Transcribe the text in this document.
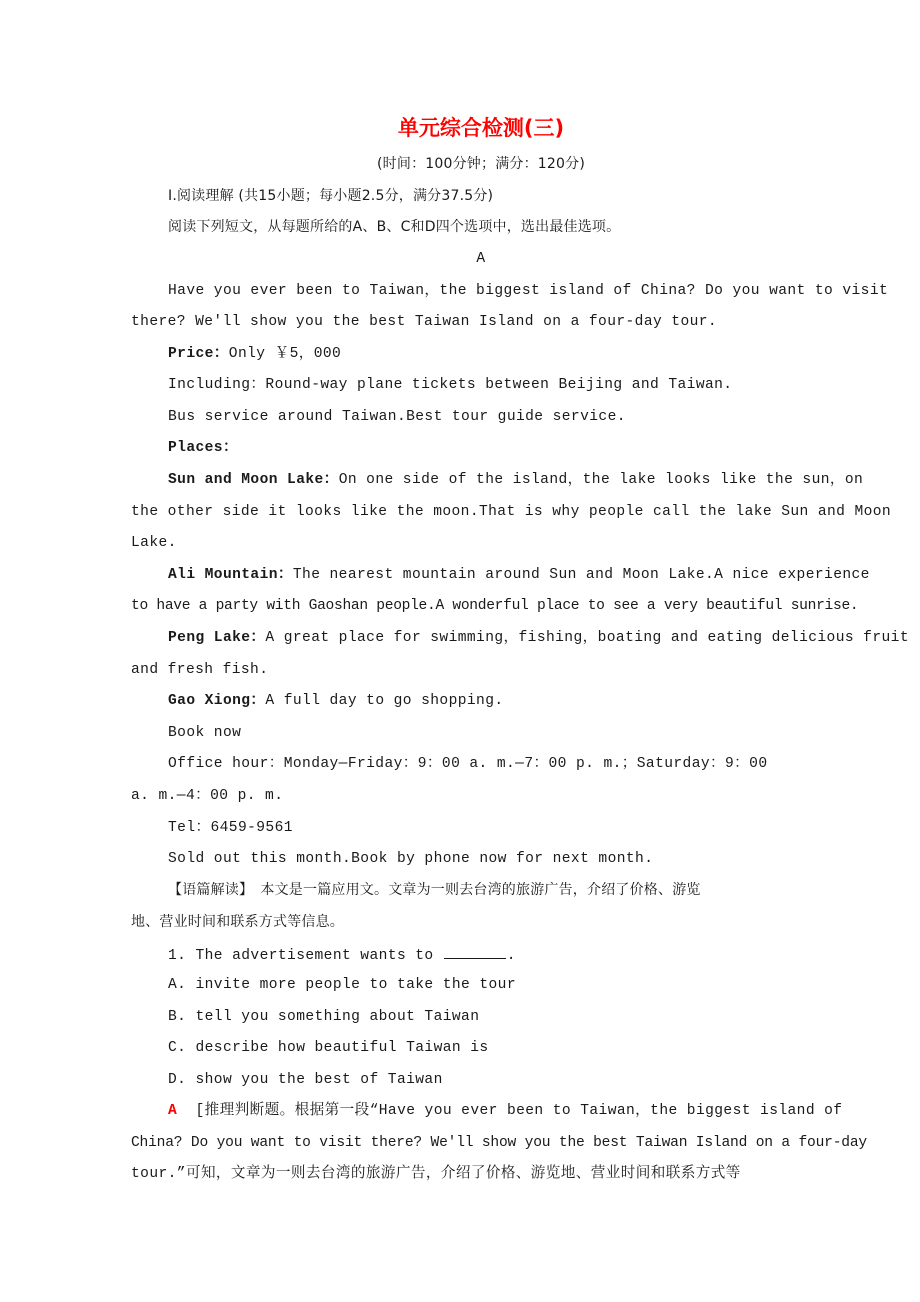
单元综合检测(三)
(时间：100分钟；满分：120分)
Ⅰ.阅读理解 (共15小题；每小题2.5分，满分37.5分)
阅读下列短文，从每题所给的A、B、C和D四个选项中，选出最佳选项。
A
Have you ever been to Taiwan，the biggest island of China? Do you want to visit
there? We'll show you the best Taiwan Island on a four-day tour.
Price：Only ￥5，000
Including：Round-way plane tickets between Beijing and Taiwan.
Bus service around Taiwan.Best tour guide service.
Places：
Sun and Moon Lake：On one side of the island，the lake looks like the sun，on
the other side it looks like the moon.That is why people call the lake Sun and Moon
Lake.
Ali Mountain：The nearest mountain around Sun and Moon Lake.A nice experience
to have a party with Gaoshan people.A wonderful place to see a very beautiful sunrise.
Peng Lake：A great place for swimming，fishing，boating and eating delicious fruit
and fresh fish.
Gao Xiong：A full day to go shopping.
Book now
Office hour：Monday—Friday：9：00 a. m.—7：00 p. m.；Saturday：9：00
a. m.—4：00 p. m.
Tel：6459-9561
Sold out this month.Book by phone now for next month.
【语篇解读】　本文是一篇应用文。文章为一则去台湾的旅游广告，介绍了价格、游览
地、营业时间和联系方式等信息。
1. The advertisement wants to	.
A. invite more people to take the tour
B. tell you something about Taiwan
C. describe how beautiful Taiwan is
D. show you the best of Taiwan
A [推理判断题。根据第一段“Have you ever been to Taiwan，the biggest island of
China? Do you want to visit there? We'll show you the best Taiwan Island on a four-day
tour.”可知，文章为一则去台湾的旅游广告，介绍了价格、游览地、营业时间和联系方式等
